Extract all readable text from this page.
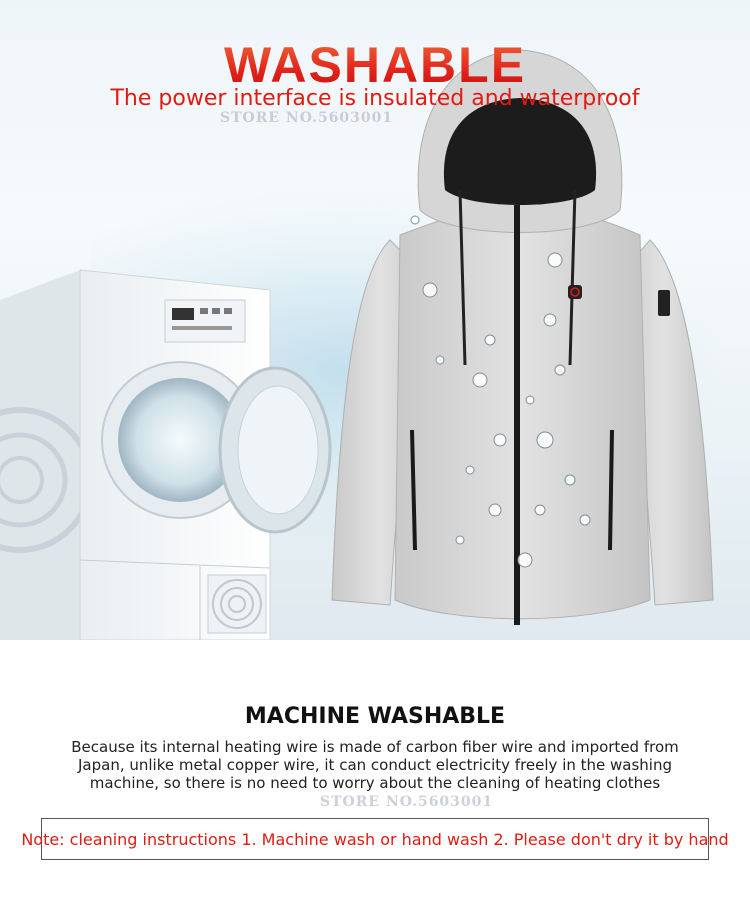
WASHABLE
The power interface is insulated and waterproof
STORE NO.5603001
MACHINE WASHABLE
Because its internal heating wire is made of carbon fiber wire and imported from Japan, unlike metal copper wire, it can conduct electricity freely in the washing machine, so there is no need to worry about the cleaning of heating clothes
STORE NO.5603001
Note: cleaning instructions 1. Machine wash or hand wash 2. Please don't dry it by hand
